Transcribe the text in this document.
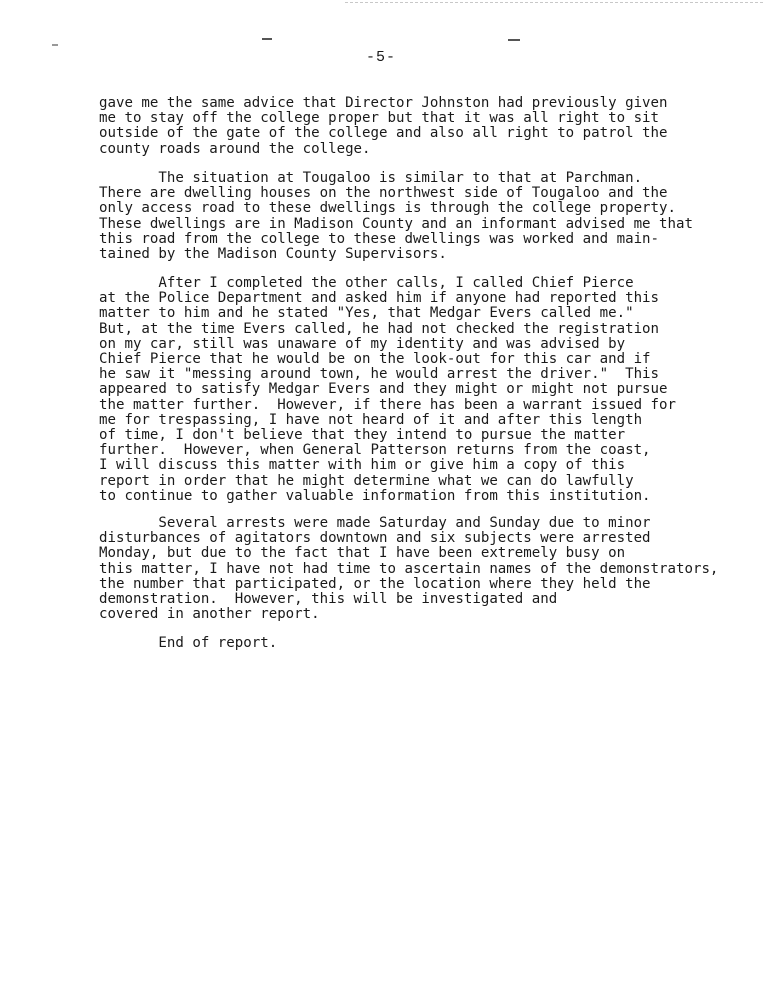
-5-
gave me the same advice that Director Johnston had previously given
me to stay off the college proper but that it was all right to sit
outside of the gate of the college and also all right to patrol the
county roads around the college.
The situation at Tougaloo is similar to that at Parchman.
There are dwelling houses on the northwest side of Tougaloo and the
only access road to these dwellings is through the college property.
These dwellings are in Madison County and an informant advised me that
this road from the college to these dwellings was worked and main-
tained by the Madison County Supervisors.
After I completed the other calls, I called Chief Pierce
at the Police Department and asked him if anyone had reported this
matter to him and he stated "Yes, that Medgar Evers called me."
But, at the time Evers called, he had not checked the registration
on my car, still was unaware of my identity and was advised by
Chief Pierce that he would be on the look-out for this car and if
he saw it "messing around town, he would arrest the driver."  This
appeared to satisfy Medgar Evers and they might or might not pursue
the matter further.  However, if there has been a warrant issued for
me for trespassing, I have not heard of it and after this length
of time, I don't believe that they intend to pursue the matter
further.  However, when General Patterson returns from the coast,
I will discuss this matter with him or give him a copy of this
report in order that he might determine what we can do lawfully
to continue to gather valuable information from this institution.
Several arrests were made Saturday and Sunday due to minor
disturbances of agitators downtown and six subjects were arrested
Monday, but due to the fact that I have been extremely busy on
this matter, I have not had time to ascertain names of the demonstrators,
the number that participated, or the location where they held the
demonstration.  However, this will be investigated and
covered in another report.
End of report.
